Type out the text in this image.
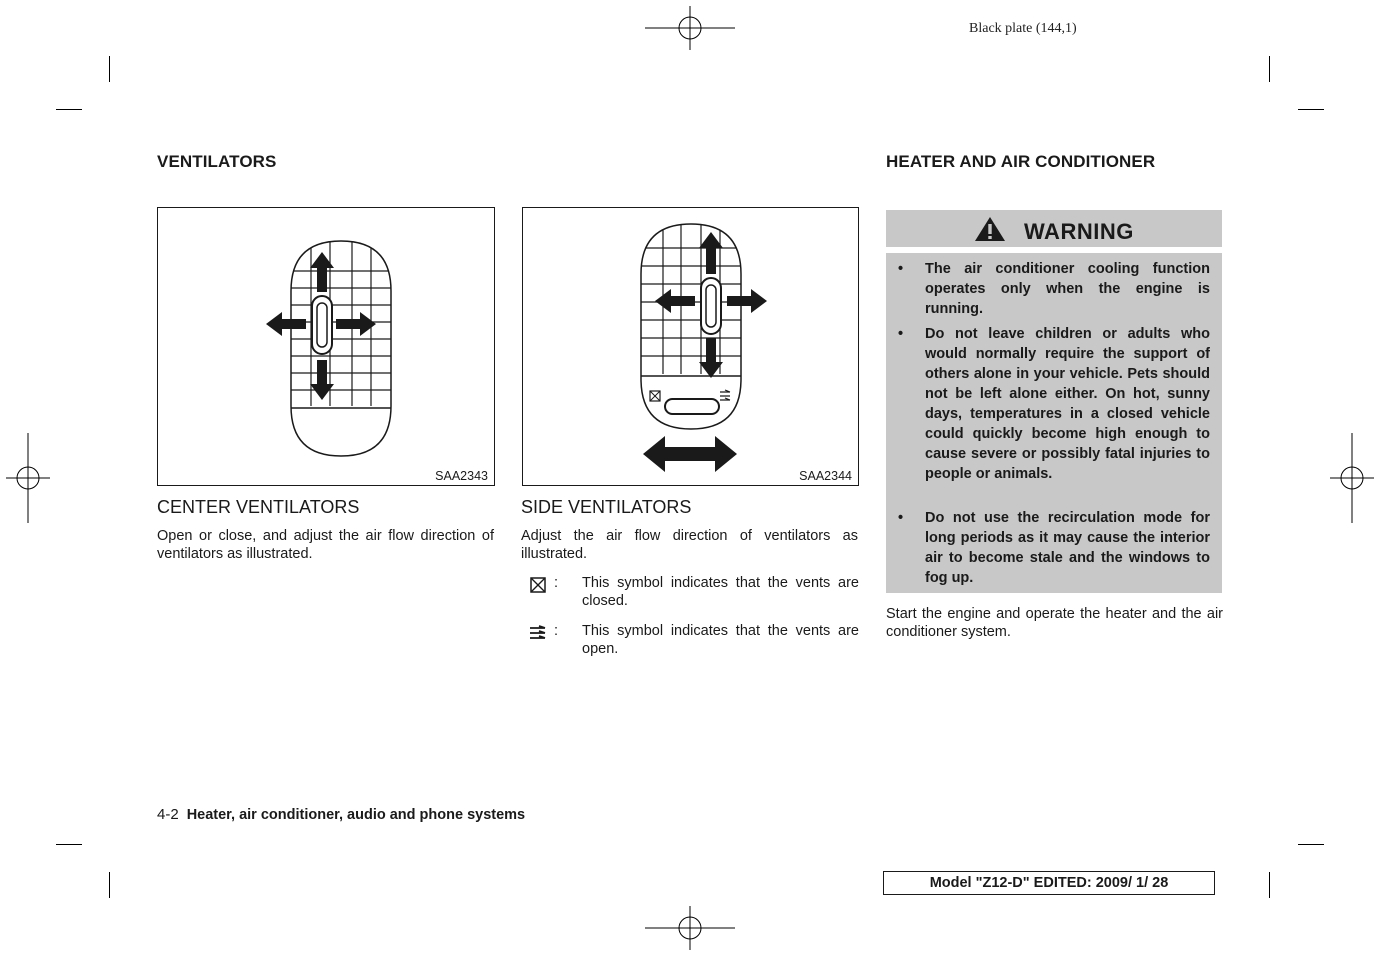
Black plate (144,1)
VENTILATORS
SAA2343
CENTER VENTILATORS
Open or close, and adjust the air flow direction of ventilators as illustrated.
SAA2344
SIDE VENTILATORS
Adjust the air flow direction of ventilators as illustrated.
: This symbol indicates that the vents are closed.
: This symbol indicates that the vents are open.
HEATER AND AIR CONDITIONER
WARNING
• The air conditioner cooling function operates only when the engine is running.
• Do not leave children or adults who would normally require the support of others alone in your vehicle. Pets should not be left alone either. On hot, sunny days, temperatures in a closed vehicle could quickly become high enough to cause severe or possibly fatal injuries to people or animals.
• Do not use the recirculation mode for long periods as it may cause the interior air to become stale and the windows to fog up.
Start the engine and operate the heater and the air conditioner system.
4-2 Heater, air conditioner, audio and phone systems
Model "Z12-D" EDITED: 2009/ 1/ 28
